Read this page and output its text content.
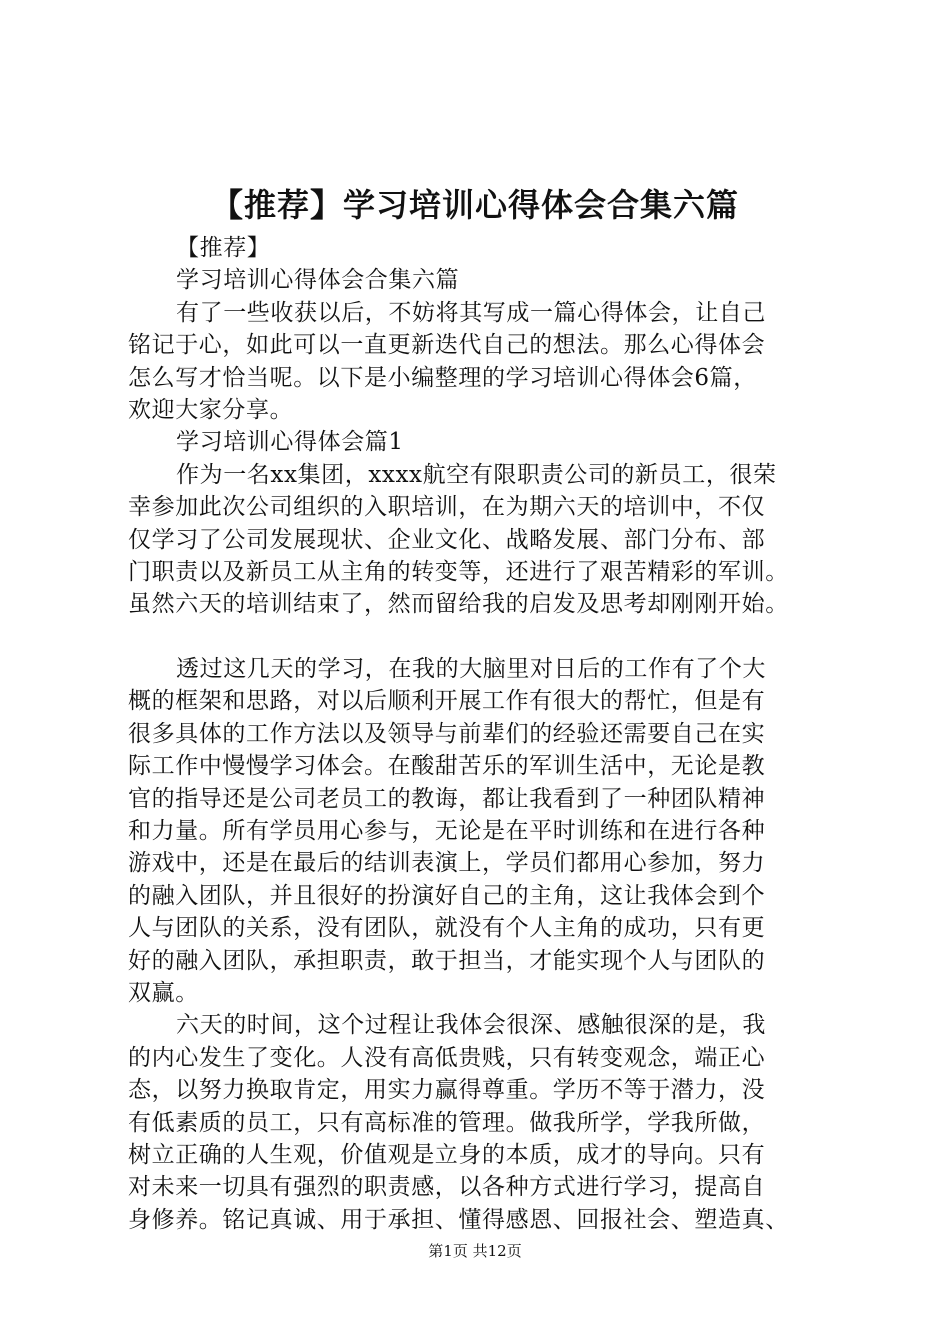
【推荐】学习培训心得体会合集六篇
【推荐】
学习培训心得体会合集六篇
有了一些收获以后，不妨将其写成一篇心得体会，让自己
铭记于心，如此可以一直更新迭代自己的想法。那么心得体会
怎么写才恰当呢。以下是小编整理的学习培训心得体会6篇，
欢迎大家分享。
学习培训心得体会篇1
作为一名xx集团，xxxx航空有限职责公司的新员工，很荣
幸参加此次公司组织的入职培训，在为期六天的培训中，不仅
仅学习了公司发展现状、企业文化、战略发展、部门分布、部
门职责以及新员工从主角的转变等，还进行了艰苦精彩的军训。
虽然六天的培训结束了，然而留给我的启发及思考却刚刚开始。
透过这几天的学习，在我的大脑里对日后的工作有了个大
概的框架和思路，对以后顺利开展工作有很大的帮忙，但是有
很多具体的工作方法以及领导与前辈们的经验还需要自己在实
际工作中慢慢学习体会。在酸甜苦乐的军训生活中，无论是教
官的指导还是公司老员工的教诲，都让我看到了一种团队精神
和力量。所有学员用心参与，无论是在平时训练和在进行各种
游戏中，还是在最后的结训表演上，学员们都用心参加，努力
的融入团队，并且很好的扮演好自己的主角，这让我体会到个
人与团队的关系，没有团队，就没有个人主角的成功，只有更
好的融入团队，承担职责，敢于担当，才能实现个人与团队的
双赢。
六天的时间，这个过程让我体会很深、感触很深的是，我
的内心发生了变化。人没有高低贵贱，只有转变观念，端正心
态，以努力换取肯定，用实力赢得尊重。学历不等于潜力，没
有低素质的员工，只有高标准的管理。做我所学，学我所做，
树立正确的人生观，价值观是立身的本质，成才的导向。只有
对未来一切具有强烈的职责感，以各种方式进行学习，提高自
身修养。铭记真诚、用于承担、懂得感恩、回报社会、塑造真、
第1页 共12页
